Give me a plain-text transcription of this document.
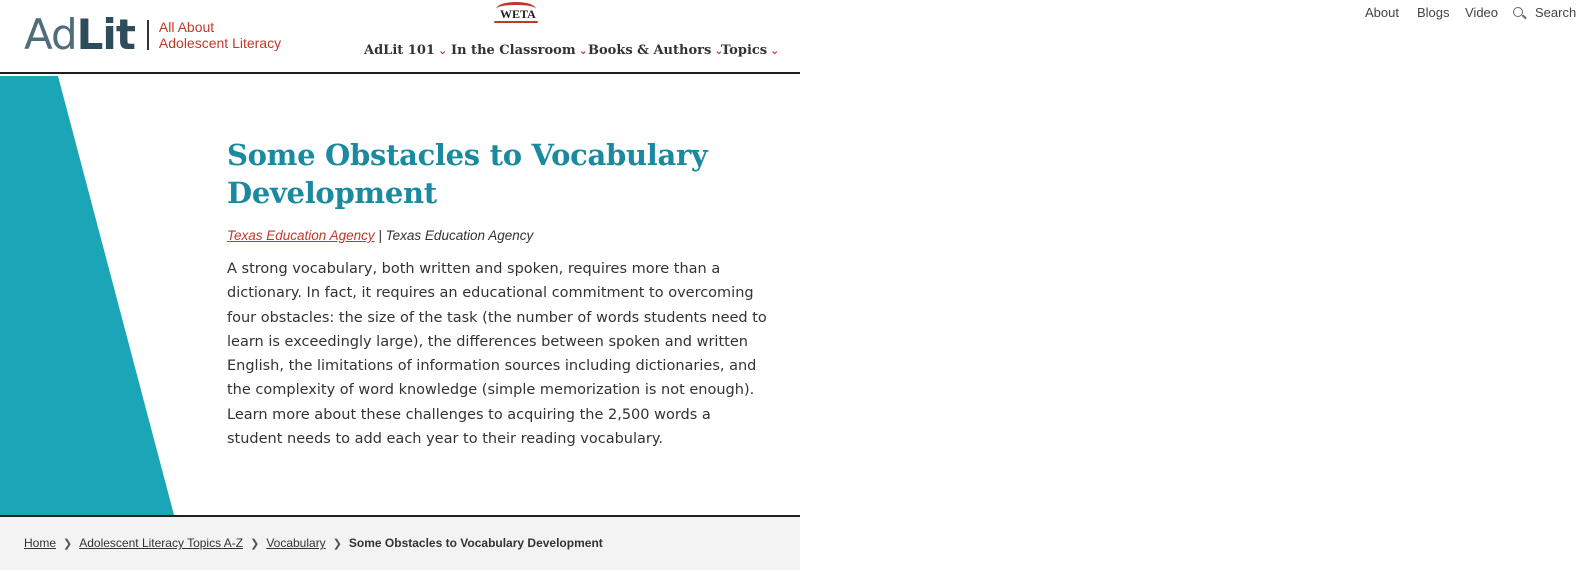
AdLit All About
Adolescent Literacy
WETA	About Blogs Video	Search
AdLit 101 ⌄ In the Classroom ⌄ Books & Authors ⌄
Topics ⌄
Some Obstacles to Vocabulary Development

Texas Education Agency | Texas Education Agency

A strong vocabulary, both written and spoken, requires more than a dictionary. In fact, it requires an educational commitment to overcoming four obstacles: the size of the task (the number of words students need to learn is exceedingly large), the differences between spoken and written English, the limitations of information sources including dictionaries, and the complexity of word knowledge (simple memorization is not enough). Learn more about these challenges to acquiring the 2,500 words a student needs to add each year to their reading vocabulary.

Home ❯ Adolescent Literacy Topics A-Z ❯ Vocabulary ❯ Some Obstacles to Vocabulary Development
